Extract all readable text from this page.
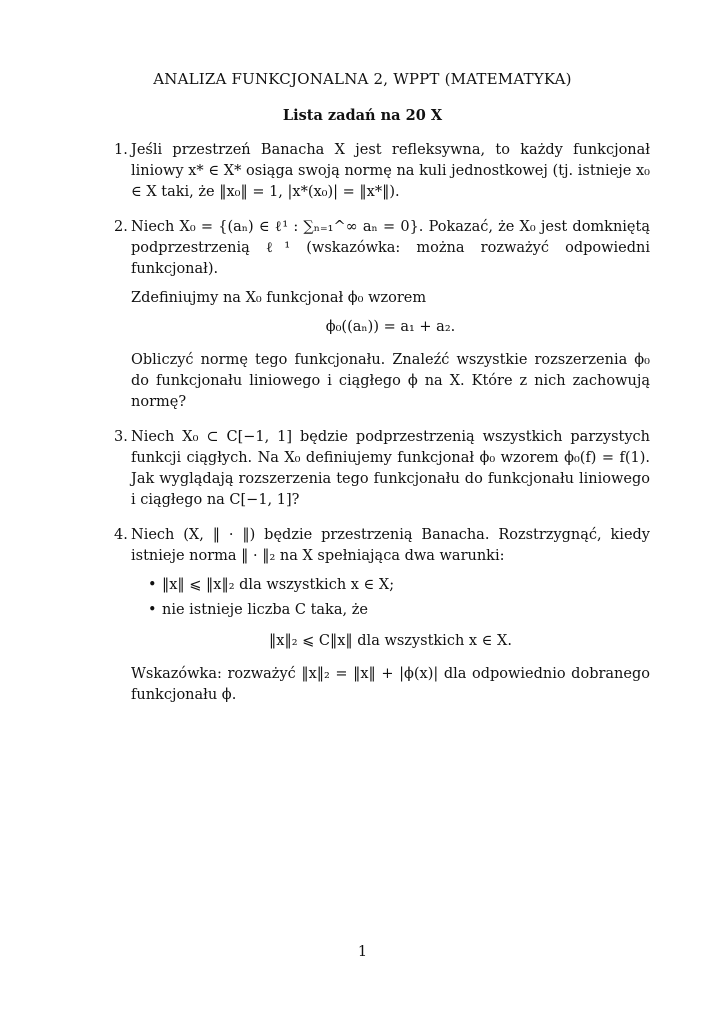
ANALIZA FUNKCJONALNA 2, WPPT (MATEMATYKA)
Lista zadań na 20 X
1. Jeśli przestrzeń Banacha X jest refleksywna, to każdy funkcjonał liniowy x* ∈ X* osiąga swoją normę na kuli jednostkowej (tj. istnieje x₀ ∈ X taki, że ‖x₀‖ = 1, |x*(x₀)| = ‖x*‖).

2. Niech X₀ = {(aₙ) ∈ ℓ¹ : ∑ₙ₌₁^∞ aₙ = 0}. Pokazać, że X₀ jest domkniętą podprzestrzenią ℓ¹ (wskazówka: można rozważyć odpowiedni funkcjonał).

Zdefiniujmy na X₀ funkcjonał ϕ₀ wzorem

ϕ₀((aₙ)) = a₁ + a₂.

Obliczyć normę tego funkcjonału. Znaleźć wszystkie rozszerzenia ϕ₀ do funkcjonału liniowego i ciągłego ϕ na X. Które z nich zachowują normę?

3. Niech X₀ ⊂ C[−1, 1] będzie podprzestrzenią wszystkich parzystych funkcji ciągłych. Na X₀ definiujemy funkcjonał ϕ₀ wzorem ϕ₀(f) = f(1). Jak wyglądają rozszerzenia tego funkcjonału do funkcjonału liniowego i ciągłego na C[−1, 1]?

4. Niech (X, ‖ · ‖) będzie przestrzenią Banacha. Rozstrzygnąć, kiedy istnieje norma ‖ · ‖₂ na X spełniająca dwa warunki:

• ‖x‖ ⩽ ‖x‖₂ dla wszystkich x ∈ X;
• nie istnieje liczba C taka, że
‖x‖₂ ⩽ C‖x‖ dla wszystkich x ∈ X.

Wskazówka: rozważyć ‖x‖₂ = ‖x‖ + |ϕ(x)| dla odpowiednio dobranego funkcjonału ϕ.

1
